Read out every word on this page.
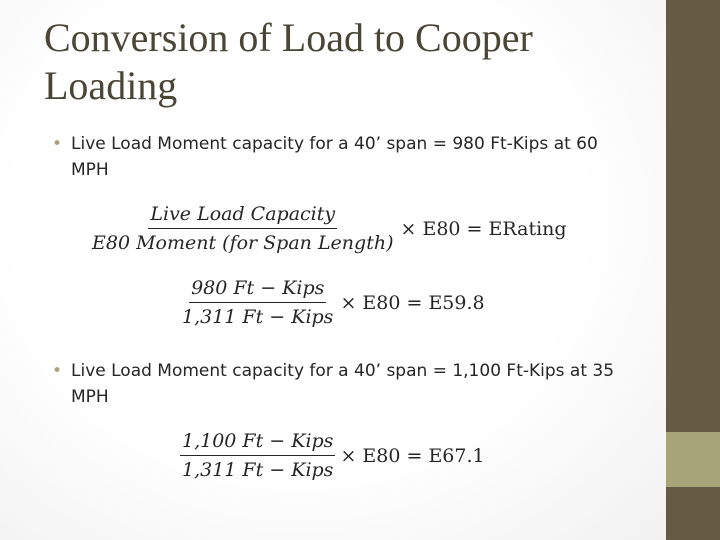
Conversion of Load to Cooper Loading
• Live Load Moment capacity for a 40’ span = 980 Ft-Kips at 60 MPH
$\frac{\text{Live Load Capacity}}{\text{E80 Moment (for Span Length)}} \times E80$ = ERating
$\frac{\text{980 Ft − Kips}}{\text{1,311 Ft − Kips}} \times E80 = E59.8$
• Live Load Moment capacity for a 40’ span = 1,100 Ft-Kips at 35 MPH
$\frac{\text{1,100 Ft − Kips}}{\text{1,311 Ft − Kips}} \times E80 = E67.1$
